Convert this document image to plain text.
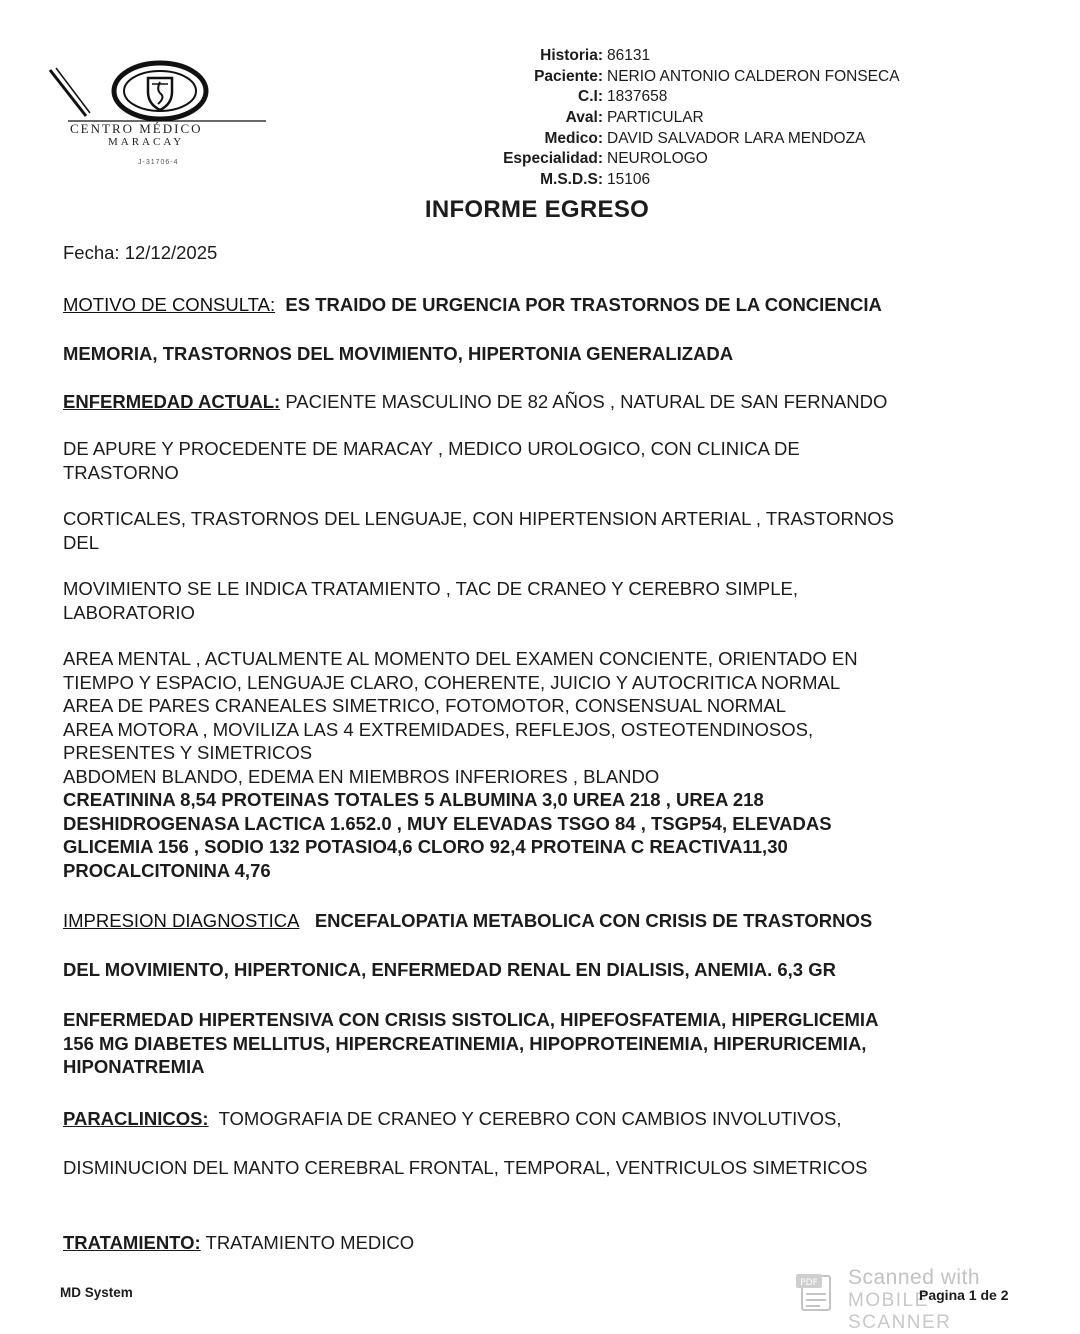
CENTRO MÉDICO
MARACAY
J-31706-4
Historia: 86131
Paciente: NERIO ANTONIO CALDERON FONSECA
C.I: 1837658
Aval: PARTICULAR
Medico: DAVID SALVADOR LARA MENDOZA
Especialidad: NEUROLOGO
M.S.D.S: 15106
INFORME EGRESO
Fecha: 12/12/2025
MOTIVO DE CONSULTA: ES TRAIDO DE URGENCIA POR TRASTORNOS DE LA CONCIENCIA
MEMORIA, TRASTORNOS DEL MOVIMIENTO, HIPERTONIA GENERALIZADA
ENFERMEDAD ACTUAL: PACIENTE MASCULINO DE 82 AÑOS , NATURAL DE SAN FERNANDO
DE APURE Y PROCEDENTE DE MARACAY , MEDICO UROLOGICO, CON CLINICA DE
TRASTORNO
CORTICALES, TRASTORNOS DEL LENGUAJE, CON HIPERTENSION ARTERIAL , TRASTORNOS
DEL
MOVIMIENTO SE LE INDICA TRATAMIENTO , TAC DE CRANEO Y CEREBRO SIMPLE,
LABORATORIO
AREA MENTAL , ACTUALMENTE AL MOMENTO DEL EXAMEN CONCIENTE, ORIENTADO EN
TIEMPO Y ESPACIO, LENGUAJE CLARO, COHERENTE, JUICIO Y AUTOCRITICA NORMAL
AREA DE PARES CRANEALES SIMETRICO, FOTOMOTOR, CONSENSUAL NORMAL
AREA MOTORA , MOVILIZA LAS 4 EXTREMIDADES, REFLEJOS, OSTEOTENDINOSOS,
PRESENTES Y SIMETRICOS
ABDOMEN BLANDO, EDEMA EN MIEMBROS INFERIORES , BLANDO
CREATININA 8,54 PROTEINAS TOTALES 5 ALBUMINA 3,0 UREA 218 , UREA 218
DESHIDROGENASA LACTICA 1.652.0 , MUY ELEVADAS TSGO 84 , TSGP54, ELEVADAS
GLICEMIA 156 , SODIO 132 POTASIO4,6 CLORO 92,4 PROTEINA C REACTIVA11,30
PROCALCITONINA 4,76
IMPRESION DIAGNOSTICA ENCEFALOPATIA METABOLICA CON CRISIS DE TRASTORNOS
DEL MOVIMIENTO, HIPERTONICA, ENFERMEDAD RENAL EN DIALISIS, ANEMIA. 6,3 GR
ENFERMEDAD HIPERTENSIVA CON CRISIS SISTOLICA, HIPEFOSFATEMIA, HIPERGLICEMIA
156 MG DIABETES MELLITUS, HIPERCREATINEMIA, HIPOPROTEINEMIA, HIPERURICEMIA,
HIPONATREMIA
PARACLINICOS: TOMOGRAFIA DE CRANEO Y CEREBRO CON CAMBIOS INVOLUTIVOS,
DISMINUCION DEL MANTO CEREBRAL FRONTAL, TEMPORAL, VENTRICULOS SIMETRICOS
TRATAMIENTO: TRATAMIENTO MEDICO
MD System
PDF Scanned with
MOBILE SCANNER
Pagina 1 de 2
